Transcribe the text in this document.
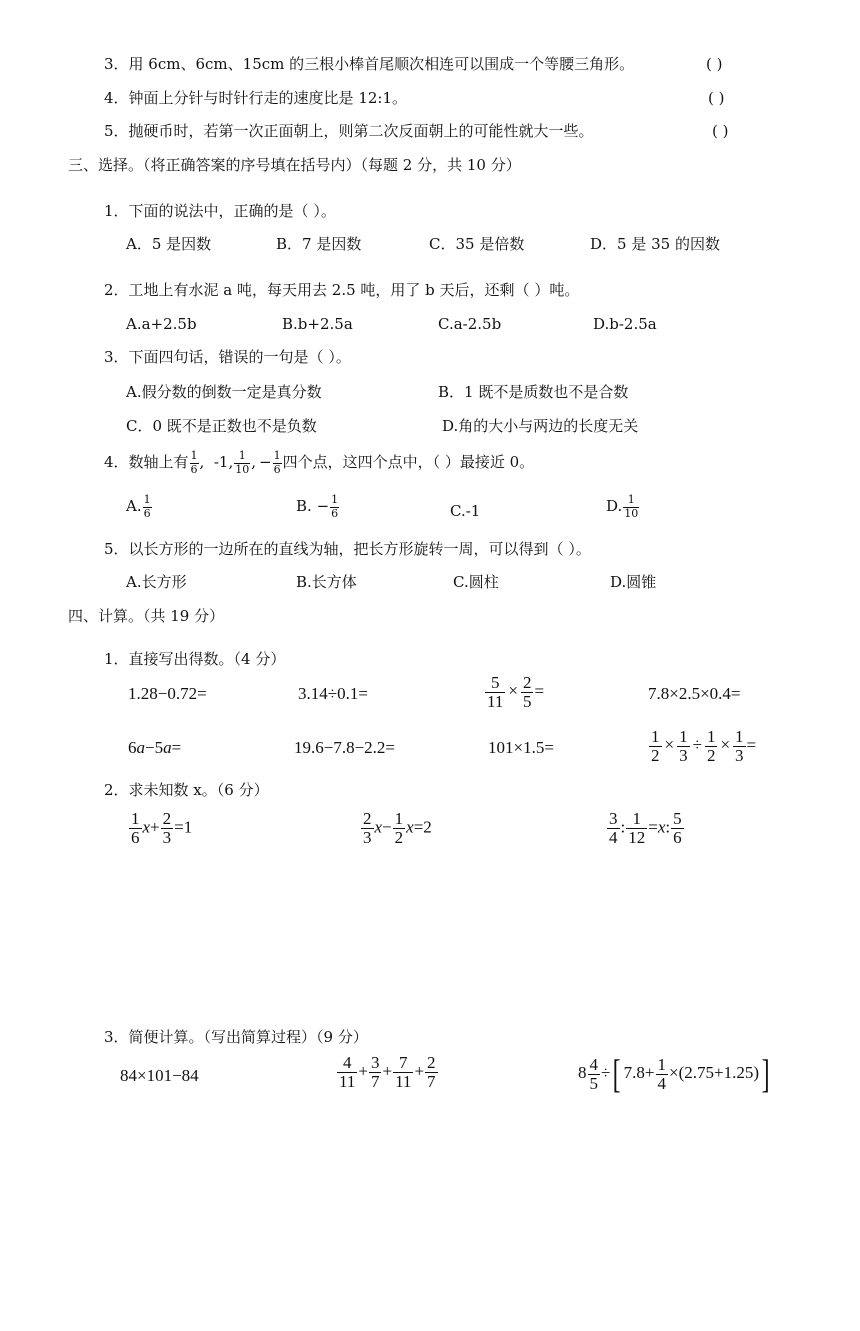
3．用 6cm、6cm、15cm 的三根小棒首尾顺次相连可以围成一个等腰三角形。	( )
4．钟面上分针与时针行走的速度比是 12:1。	( )
5．抛硬币时，若第一次正面朝上，则第二次反面朝上的可能性就大一些。	( )
三、选择。（将正确答案的序号填在括号内）（每题 2 分，共 10 分）
1．下面的说法中，正确的是（ ）。
A．5 是因数	B．7 是因数	C．35 是倍数	D．5 是 35 的因数
2．工地上有水泥 a 吨，每天用去 2.5 吨，用了 b 天后，还剩（ ）吨。
A.a+2.5b	B.b+2.5a	C.a-2.5b	D.b-2.5a
3．下面四句话，错误的一句是（ ）。
A.假分数的倒数一定是真分数	B．1 既不是质数也不是合数
C．0 既不是正数也不是负数	D.角的大小与两边的长度无关
4．数轴上有 $\frac{1}{6}$ ,  -1, $\frac{1}{10}$ , − $\frac{1}{6}$ 四个点，这四个点中，（ ）最接近 0。
A. $\frac{1}{6}$	B. − $\frac{1}{6}$	C.-1	D. $\frac{1}{10}$
5．以长方形的一边所在的直线为轴，把长方形旋转一周，可以得到（ ）。
A.长方形	B.长方体	C.圆柱	D.圆锥
四、计算。（共 19 分）
1．直接写出得数。（4 分）
1.28−0.72=	3.14÷0.1=	$\frac{5}{11} \times \frac{2}{5}$ =	7.8×2.5×0.4=
6a−5a=	19.6−7.8−2.2=	101×1.5=	$\frac{1}{2} \times \frac{1}{3} \div \frac{1}{2} \times \frac{1}{3}$ =
2．求未知数 x。（6 分）
$\frac{1}{6} x+ \frac{2}{3} =1$	$\frac{2}{3} x- \frac{1}{2} x=2$	$\frac{3}{4}$ : $\frac{1}{12} =x$: $\frac{5}{6}$
3．简便计算。（写出简算过程）（9 分）
84×101−84	$\frac{4}{11} + \frac{3}{7} + \frac{7}{11} + \frac{2}{7}$	$8 \frac{4}{5}$ ÷[ $7.8+ \frac{1}{4} \times(2.75+1.25)$]
